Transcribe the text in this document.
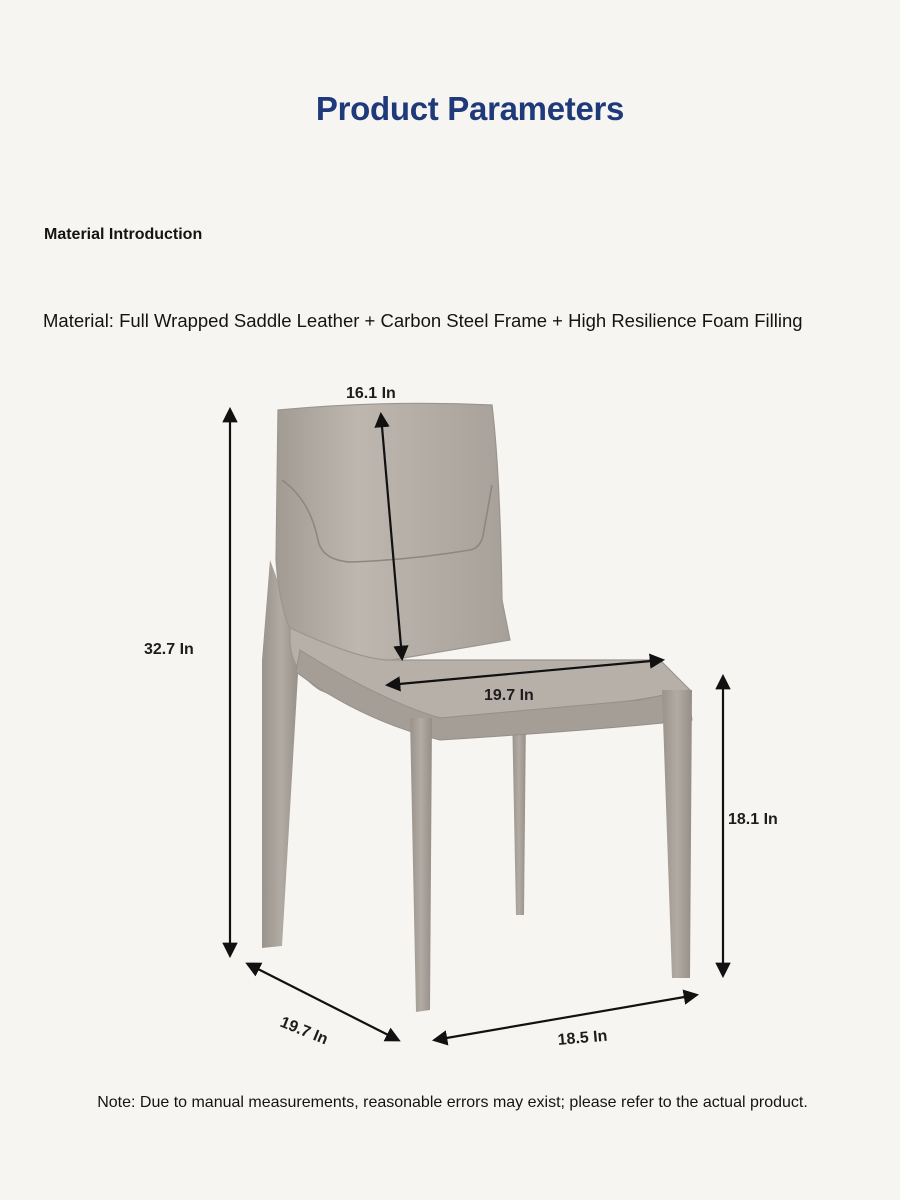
Product Parameters
Material Introduction
Material: Full Wrapped Saddle Leather + Carbon Steel Frame + High Resilience Foam Filling
16.1 In
32.7 In
19.7 In
18.1 In
19.7 In	18.5 In
Note: Due to manual measurements, reasonable errors may exist; please refer to the actual product.
